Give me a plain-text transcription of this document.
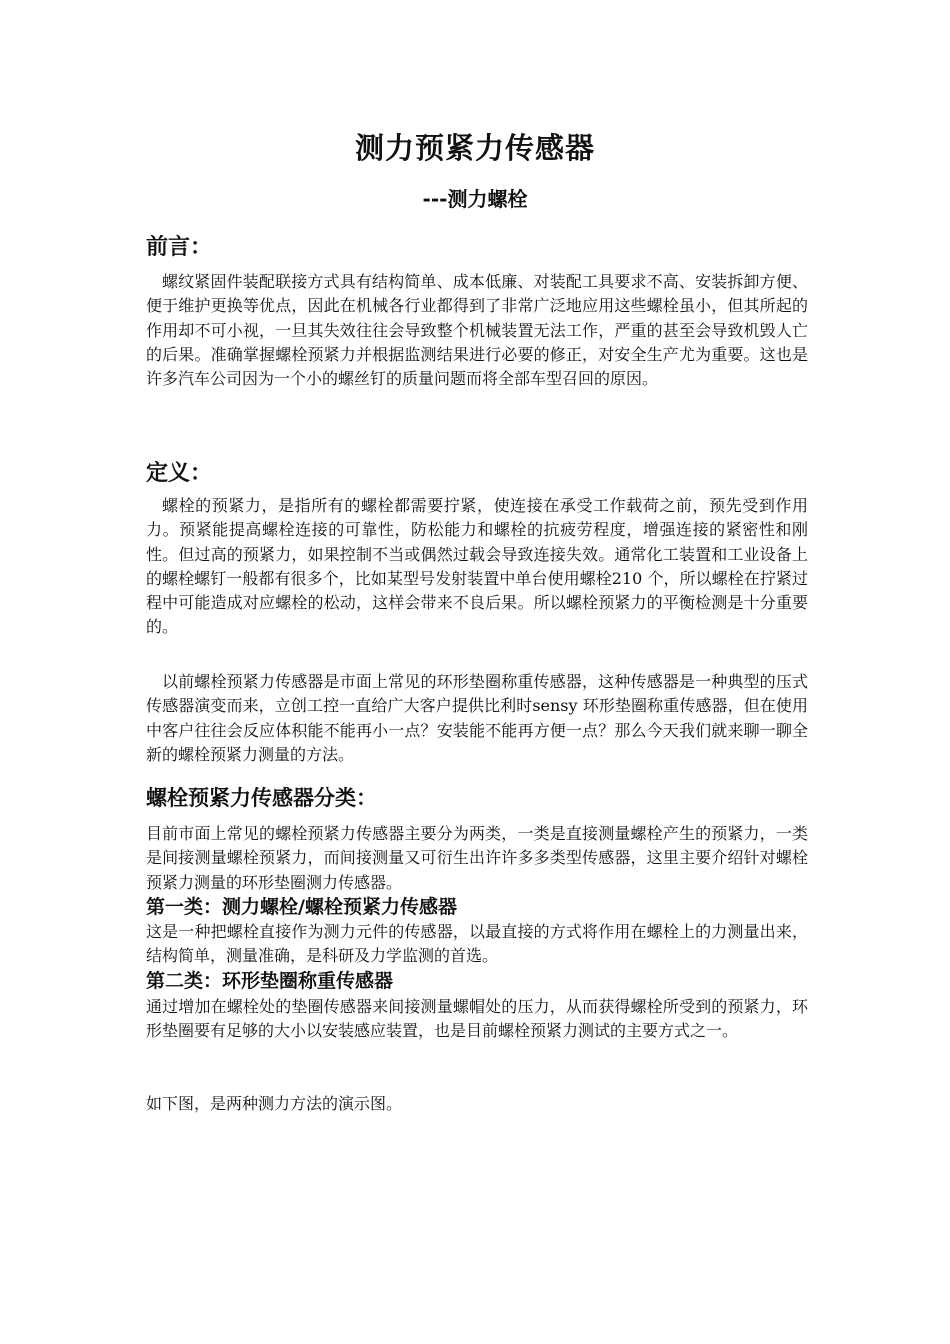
测力预紧力传感器
---测力螺栓
前言：
螺纹紧固件装配联接方式具有结构简单、成本低廉、对装配工具要求不高、安装拆卸方便、便于维护更换等优点，因此在机械各行业都得到了非常广泛地应用这些螺栓虽小，但其所起的作用却不可小视，一旦其失效往往会导致整个机械装置无法工作，严重的甚至会导致机毁人亡的后果。准确掌握螺栓预紧力并根据监测结果进行必要的修正，对安全生产尤为重要。这也是许多汽车公司因为一个小的螺丝钉的质量问题而将全部车型召回的原因。
定义：
螺栓的预紧力，是指所有的螺栓都需要拧紧，使连接在承受工作载荷之前，预先受到作用力。预紧能提高螺栓连接的可靠性，防松能力和螺栓的抗疲劳程度，增强连接的紧密性和刚性。但过高的预紧力，如果控制不当或偶然过载会导致连接失效。通常化工装置和工业设备上的螺栓螺钉一般都有很多个，比如某型号发射装置中单台使用螺栓210 个，所以螺栓在拧紧过程中可能造成对应螺栓的松动，这样会带来不良后果。所以螺栓预紧力的平衡检测是十分重要的。
以前螺栓预紧力传感器是市面上常见的环形垫圈称重传感器，这种传感器是一种典型的压式传感器演变而来，立创工控一直给广大客户提供比利时sensy 环形垫圈称重传感器，但在使用中客户往往会反应体积能不能再小一点？安装能不能再方便一点？那么今天我们就来聊一聊全新的螺栓预紧力测量的方法。
螺栓预紧力传感器分类：
目前市面上常见的螺栓预紧力传感器主要分为两类，一类是直接测量螺栓产生的预紧力，一类是间接测量螺栓预紧力，而间接测量又可衍生出许许多多类型传感器，这里主要介绍针对螺栓预紧力测量的环形垫圈测力传感器。
第一类：测力螺栓/螺栓预紧力传感器
这是一种把螺栓直接作为测力元件的传感器，以最直接的方式将作用在螺栓上的力测量出来，结构简单，测量准确，是科研及力学监测的首选。
第二类：环形垫圈称重传感器
通过增加在螺栓处的垫圈传感器来间接测量螺帽处的压力，从而获得螺栓所受到的预紧力，环形垫圈要有足够的大小以安装感应装置，也是目前螺栓预紧力测试的主要方式之一。
如下图，是两种测力方法的演示图。
